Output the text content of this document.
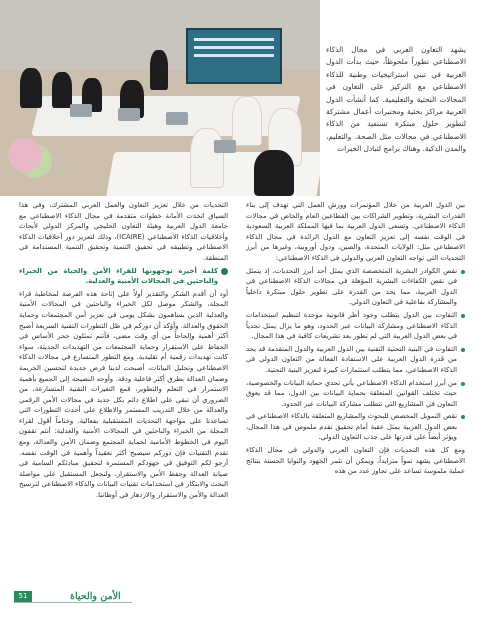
يشهد التعاون العربي في مجال الذكاء الاصطناعي تطوراً ملحوظاً، حيث بدأت الدول العربية في تبني استراتيجيات وطنية للذكاء الاصطناعي مع التركيز على التعاون في المجالات البحثية والتعليمية. كما أنشأت الدول العربية مراكز بحثية ومختبرات أعمال مشتركة لتطوير حلول مبتكرة تستفيد من الذكاء الاصطناعي في مجالات مثل الصحة، والتعليم، والمدن الذكية. وهناك برامج لتبادل الخبرات

بين الدول العربية من خلال المؤتمرات وورش العمل التي تهدف إلى بناء القدرات البشرية، وتطوير الشراكات بين القطاعين العام والخاص في مجالات الذكاء الاصطناعي. وتسعى الدول العربية بما فيها المملكة العربية السعودية في الوقت نفسه إلى تعزيز التعاون مع الدول الرائدة في مجال الذكاء الاصطناعي مثل: الولايات المتحدة، والصين، ودول أوروبية، وغيرها من أبرز التحديات التي تواجه التعاون العربي والدولي في الذكاء الاصطناعي:

نقص الكوادر البشرية المتخصصة الذي يمثل أحد أبرز التحديات، إذ يتمثل في نقص الكفاءات البشرية المؤهلة في مجالات الذكاء الاصطناعي في الدول العربية، مما يحد من القدرة على تطوير حلول مبتكرة داخلياً والمشاركة بفاعلية في التعاون الدولي.

التفاوت بين الدول يتطلب وجود أطر قانونية موحدة لتنظيم استخدامات الذكاء الاصطناعي ومشاركة البيانات عبر الحدود، وهو ما يزال يمثل تحدياً في بعض الدول العربية التي لم تطور بعد تشريعات كافية في هذا المجال.

التفاوت في البنية التحتية التقنية بين الدول العربية والدول المتقدمة قد يحد من قدرة الدول العربية على الاستفادة الفعالة من التعاون الدولي في الذكاء الاصطناعي، مما يتطلب استثمارات كبيرة لتعزيز البنية التحتية.

من أبرز استخدام الذكاء الاصطناعي يأتي تحدي حماية البيانات والخصوصية، حيث تختلف القوانين المتعلقة بحماية البيانات بين الدول، مما قد يعوق التعاون في المشاريع التي تتطلب مشاركة البيانات عبر الحدود.

نقص التمويل المخصص للبحوث والمشاريع المتعلقة بالذكاء الاصطناعي في بعض الدول العربية يمثل عقبة أمام تحقيق تقدم ملموس في هذا المجال، ويؤثر أيضاً على قدرتها على جذب التعاون الدولي.

ومع كل هذه التحديات فإن التعاون العربي والدولي في مجال الذكاء الاصطناعي يشهد نمواً متزايداً، ويمكن أن تثمر الجهود والنوايا الحسنة بنتائج عملية ملموسة تساعد على تجاوز عدد من هذه

التحديات من خلال تعزيز التعاون والعمل العربي المشترك، وفي هذا السياق اتخذت الأمانة خطوات متقدمة في مجال الذكاء الاصطناعي مع جامعة الدول العربية وهيئة التعاون الخليجي والمركز الدولي لأبحاث وأخلاقيات الذكاء الاصطناعي (ICAIRE)، وذلك لتعزيز دور أخلاقيات الذكاء الاصطناعي وتطبيقه في تحقيق التنمية وتحقيق التنمية المستدامة في المنطقة.

كلمة أخيرة توجهونها للقراء الأمن والحياة من الخبراء والباحثين في المجالات الأمنية والعدلية.

أود أن أقدم الشكر والتقدير أولاً على إتاحة هذه الفرصة لمخاطبة قراء المجلة، والشكر موصل لكل الخبراء والباحثين في المجالات الأمنية والعدلية الذين يساهمون بشكل يومي في تعزيز أمن المجتمعات وحماية الحقوق والعدالة. وأؤكد أن دوركم في ظل التطورات التقنية السريعة أصبح أكثر أهمية وإلحاحاً من أي وقت مضى، فأنتم تمثلون حجر الأساس في الحفاظ على الاستقرار وحماية المجتمعات من التهديدات الحديثة، سواء كانت تهديدات رقمية أم تقليدية. ومع التطور المتسارع في مجالات الذكاء الاصطناعي وتحليل البيانات، أصبحت لدينا فرص جديدة لتحسين الجريمة وضمان العدالة بطرق أكثر فاعلية ودقة. وأوجه النصيحة إلى الجميع بأهمية الاستمرار في التعلم والتطوير، فمع التغيرات التقنية المتسارعة، من الضروري أن تبقى على اطلاع دائم بكل جديد في مجالات الأمن الرقمي والعدالة من خلال التدريب المستمر والاطلاع على أحدث التطورات التي تساعدنا على مواجهة التحديات المستقبلية بفعالية. وختاماً أقول لقراء المجلة من الخبراء والباحثين في المجالات الأمنية والعدلية: أنتم تقفون اليوم في الخطوط الأمامية لحماية المجتمع وضمان الأمن والعدالة، ومع تقدم التقنيات فإن دوركم سيصبح أكثر تعقيداً وأهمية في الوقت نفسه. أرجو لكم التوفيق في جهودكم المستمرة لتحقيق مبادئكم السامية في صيانة العدالة وحفظ الأمن والاستقرار، ولنجعل المستقبل على مواصلة البحث والابتكار في استخدامات تقنيات البيانات والذكاء الاصطناعي لترسيخ العدالة والأمن والاستقرار والازدهار في أوطاننا.

51	الأمن والحياة
